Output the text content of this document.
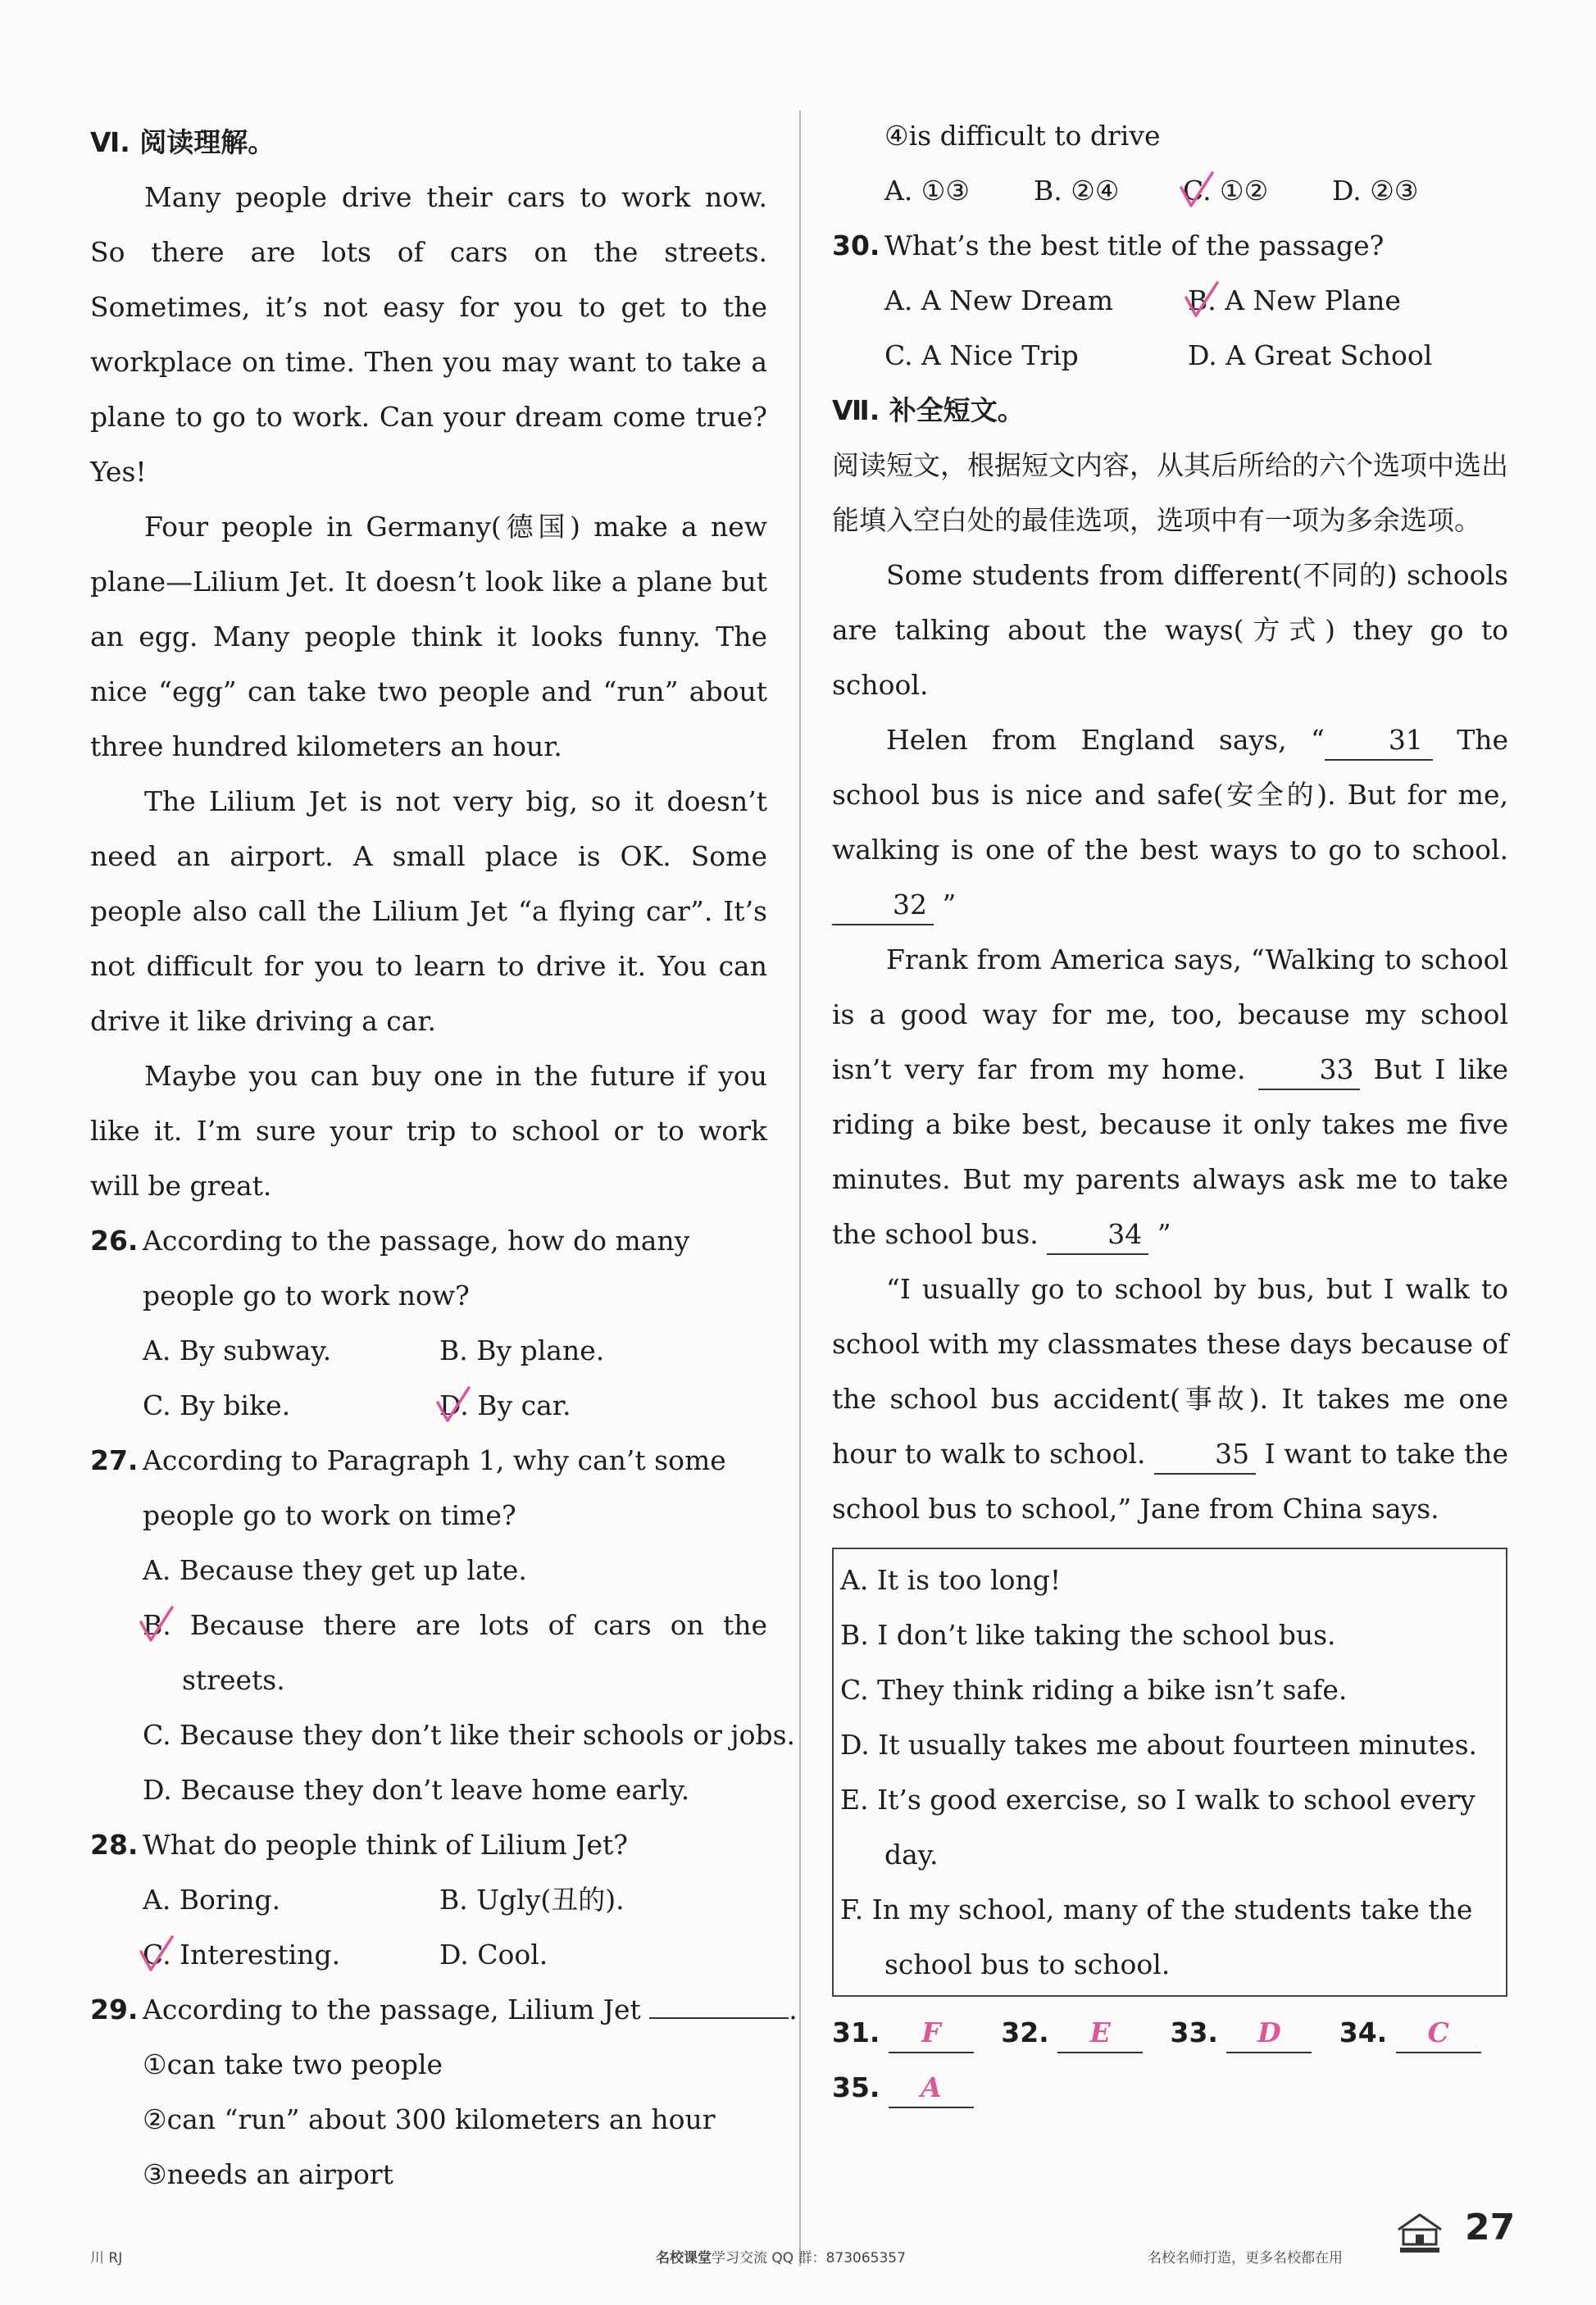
Ⅵ. 阅读理解。

Many people drive their cars to work now. So there are lots of cars on the streets. Sometimes, it’s not easy for you to get to the workplace on time. Then you may want to take a plane to go to work. Can your dream come true? Yes!

Four people in Germany(德国) make a new plane—Lilium Jet. It doesn’t look like a plane but an egg. Many people think it looks funny. The nice “egg” can take two people and “run” about three hundred kilometers an hour.

The Lilium Jet is not very big, so it doesn’t need an airport. A small place is OK. Some people also call the Lilium Jet “a flying car”. It’s not difficult for you to learn to drive it. You can drive it like driving a car.

Maybe you can buy one in the future if you like it. I’m sure your trip to school or to work will be great.

26. According to the passage, how do many
people go to work now?
A. By subway.	B. By plane.
C. By bike.	D. By car.
27. According to Paragraph 1, why can’t some
people go to work on time?
A. Because they get up late.
B. Because there are lots of cars on the
streets.
C. Because they don’t like their schools or jobs.
D. Because they don’t leave home early.
28. What do people think of Lilium Jet?
A. Boring.	B. Ugly(丑的).
C. Interesting.	D. Cool.
29. According to the passage, Lilium Jet	.
①can take two people
②can “run” about 300 kilometers an hour
③needs an airport
④is difficult to drive
A. ①③	B. ②④	C. ①②	D. ②③
30. What’s the best title of the passage?
A. A New Dream	B. A New Plane
C. A Nice Trip	D. A Great School
Ⅶ. 补全短文。

阅读短文，根据短文内容，从其后所给的六个选项中选出能填入空白处的最佳选项，选项中有一项为多余选项。

Some students from different(不同的) schools are talking about the ways(方式) they go to school.

Helen from England says, “ 31 The school bus is nice and safe(安全的). But for me, walking is one of the best ways to go to school. 32 ”

Frank from America says, “Walking to school is a good way for me, too, because my school isn’t very far from my home. 33 But I like riding a bike best, because it only takes me five minutes. But my parents always ask me to take the school bus. 34 ”

“I usually go to school by bus, but I walk to school with my classmates these days because of the school bus accident(事故). It takes me one hour to walk to school. 35 I want to take the school bus to school,” Jane from China says.

A. It is too long!
B. I don’t like taking the school bus.
C. They think riding a bike isn’t safe.
D. It usually takes me about fourteen minutes.
E. It’s good exercise, so I walk to school every
day.
F. In my school, many of the students take the
school bus to school.
31. F	32. E	33. D	34. C
35. A
川 RJ	名校课堂学习交流 QQ 群：873065357	名校名师打造，更多名校都在用
27
